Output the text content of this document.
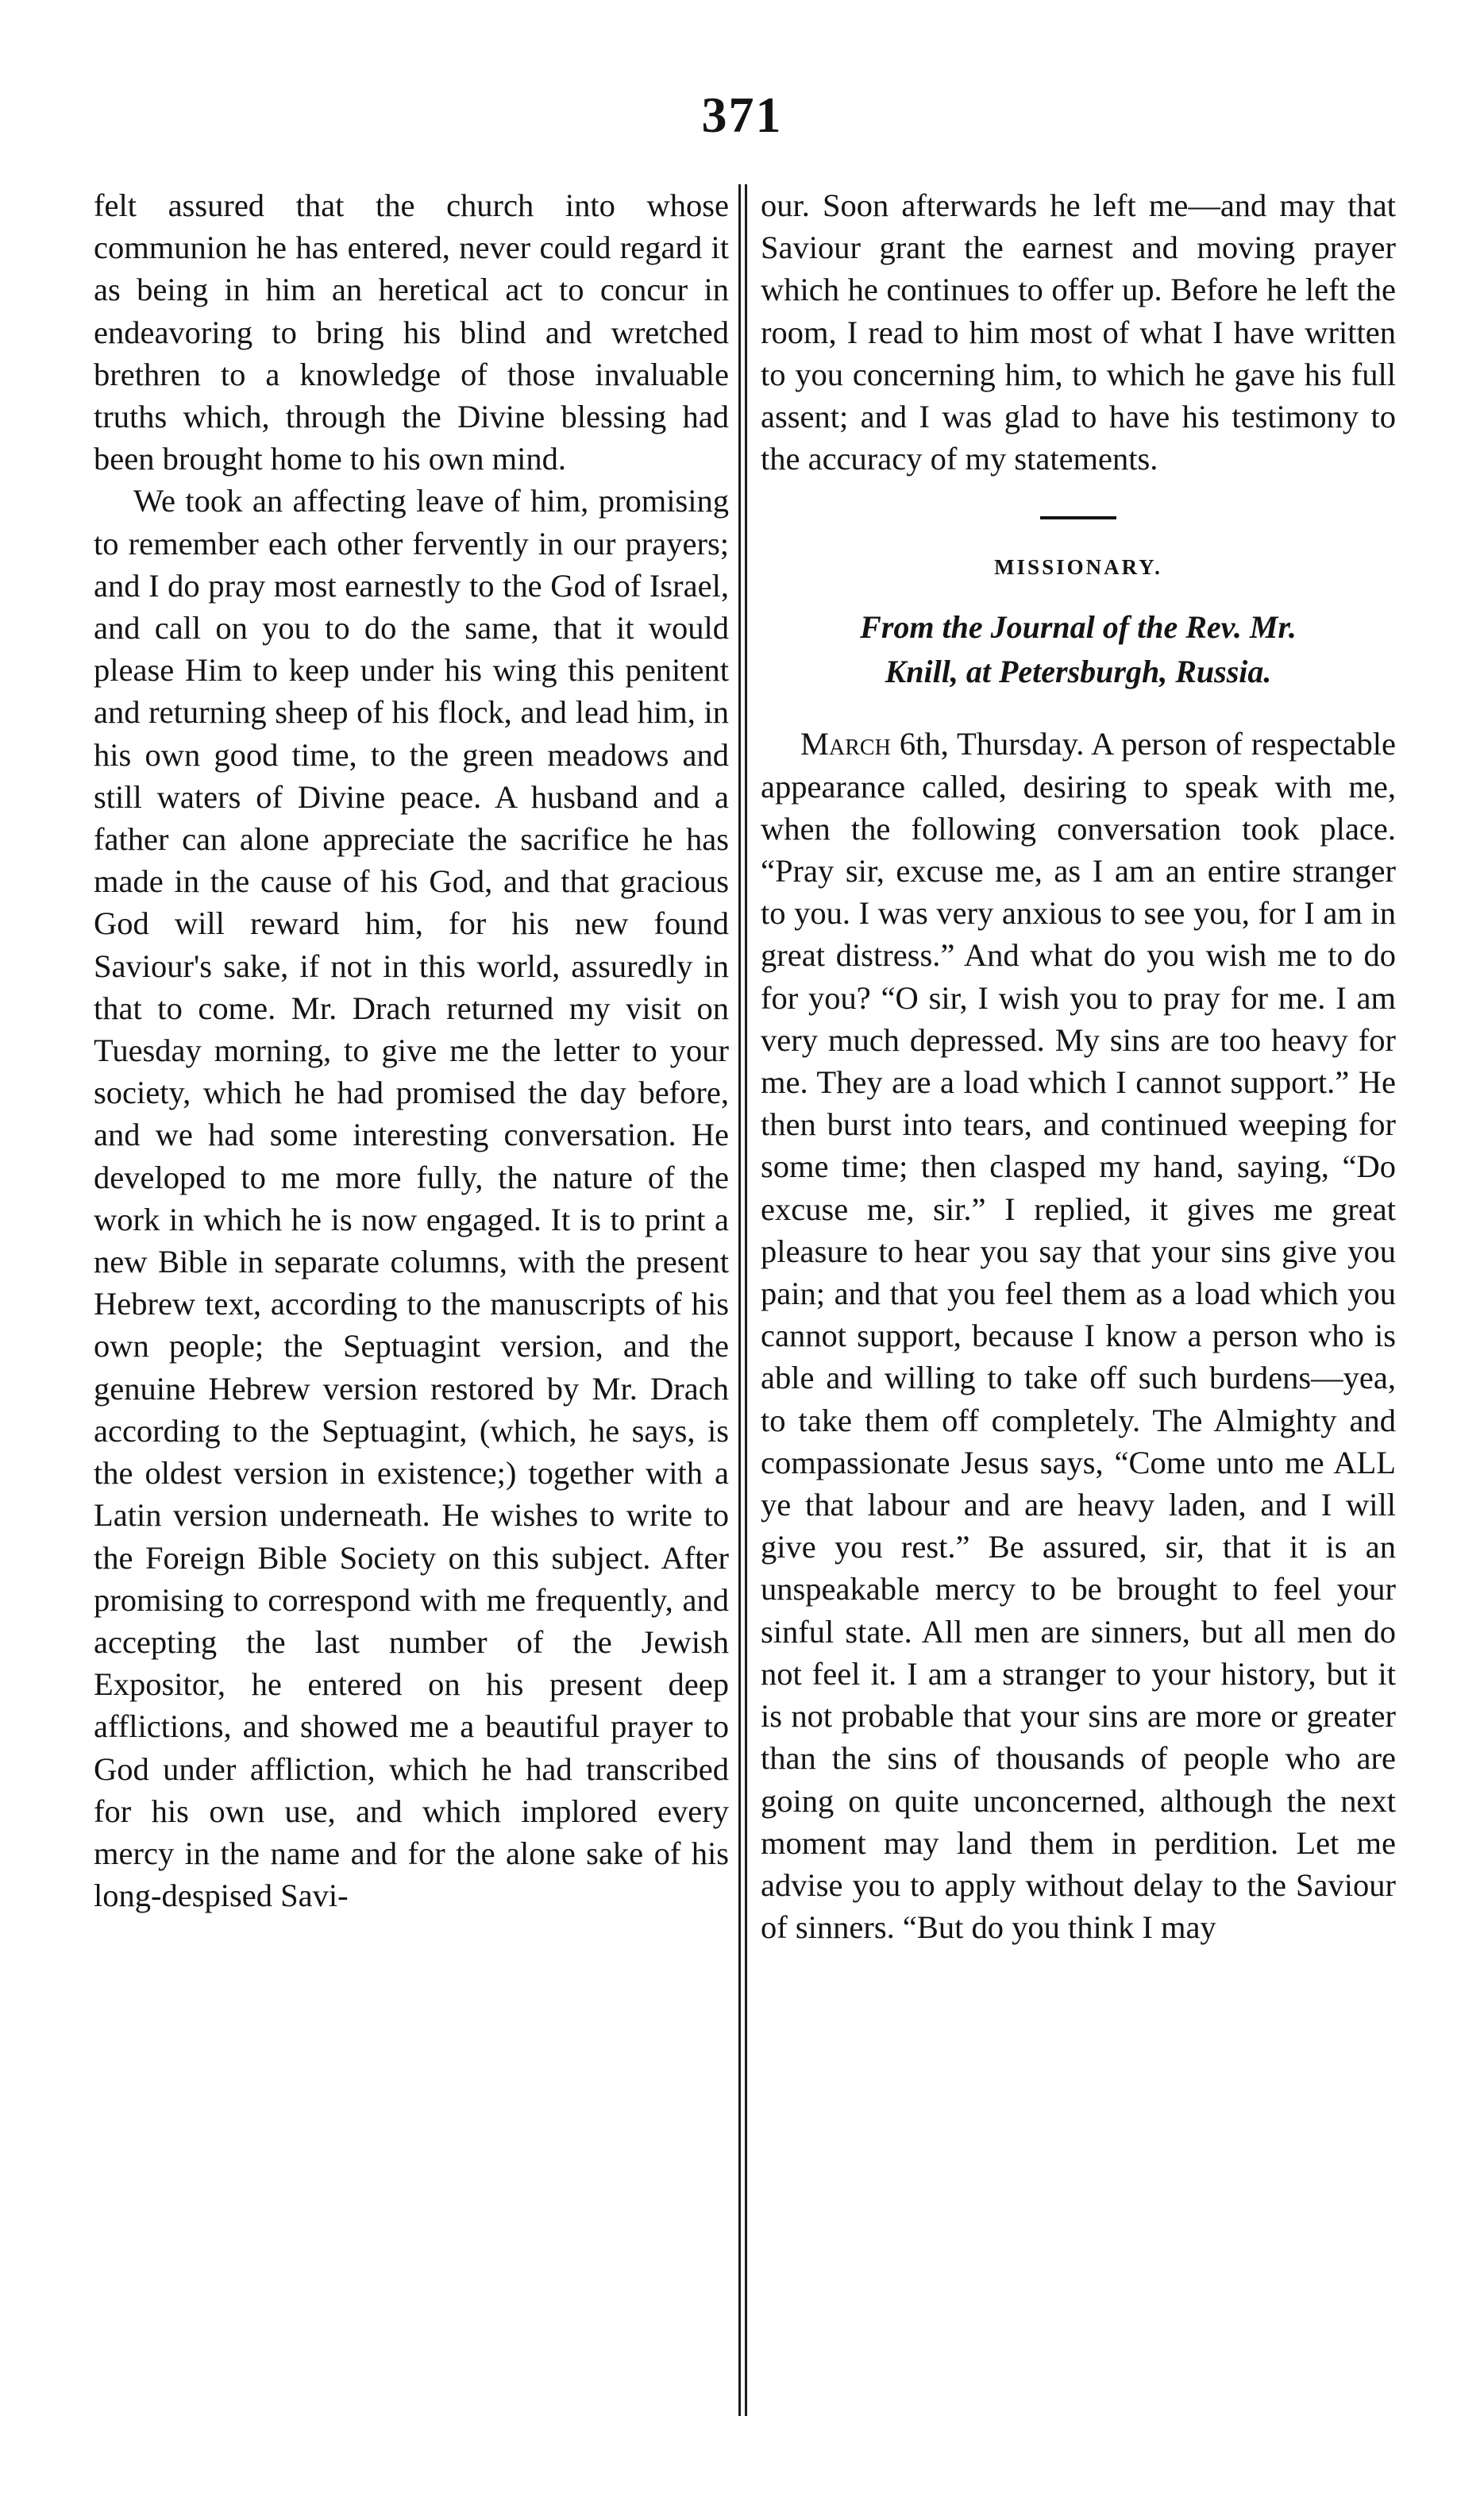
371

felt assured that the church into whose communion he has entered, never could regard it as being in him an heretical act to concur in endeavoring to bring his blind and wretched brethren to a knowledge of those invaluable truths which, through the Divine blessing had been brought home to his own mind.

We took an affecting leave of him, promising to remember each other fervently in our prayers; and I do pray most earnestly to the God of Israel, and call on you to do the same, that it would please Him to keep under his wing this penitent and returning sheep of his flock, and lead him, in his own good time, to the green meadows and still waters of Divine peace. A husband and a father can alone appreciate the sacrifice he has made in the cause of his God, and that gracious God will reward him, for his new found Saviour's sake, if not in this world, assuredly in that to come. Mr. Drach returned my visit on Tuesday morning, to give me the letter to your society, which he had promised the day before, and we had some interesting conversation. He developed to me more fully, the nature of the work in which he is now engaged. It is to print a new Bible in separate columns, with the present Hebrew text, according to the manuscripts of his own people; the Septuagint version, and the genuine Hebrew version restored by Mr. Drach according to the Septuagint, (which, he says, is the oldest version in existence;) together with a Latin version underneath. He wishes to write to the Foreign Bible Society on this subject. After promising to correspond with me frequently, and accepting the last number of the Jewish Expositor, he entered on his present deep afflictions, and showed me a beautiful prayer to God under affliction, which he had transcribed for his own use, and which implored every mercy in the name and for the alone sake of his long-despised Savi-

our. Soon afterwards he left me—and may that Saviour grant the earnest and moving prayer which he continues to offer up. Before he left the room, I read to him most of what I have written to you concerning him, to which he gave his full assent; and I was glad to have his testimony to the accuracy of my statements.

MISSIONARY.
From the Journal of the Rev. Mr.
Knill, at Petersburgh, Russia.

March 6th, Thursday. A person of respectable appearance called, desiring to speak with me, when the following conversation took place. “Pray sir, excuse me, as I am an entire stranger to you. I was very anxious to see you, for I am in great distress.” And what do you wish me to do for you? “O sir, I wish you to pray for me. I am very much depressed. My sins are too heavy for me. They are a load which I cannot support.” He then burst into tears, and continued weeping for some time; then clasped my hand, saying, “Do excuse me, sir.” I replied, it gives me great pleasure to hear you say that your sins give you pain; and that you feel them as a load which you cannot support, because I know a person who is able and willing to take off such burdens—yea, to take them off completely. The Almighty and compassionate Jesus says, “Come unto me ALL ye that labour and are heavy laden, and I will give you rest.” Be assured, sir, that it is an unspeakable mercy to be brought to feel your sinful state. All men are sinners, but all men do not feel it. I am a stranger to your history, but it is not probable that your sins are more or greater than the sins of thousands of people who are going on quite unconcerned, although the next moment may land them in perdition. Let me advise you to apply without delay to the Saviour of sinners. “But do you think I may
